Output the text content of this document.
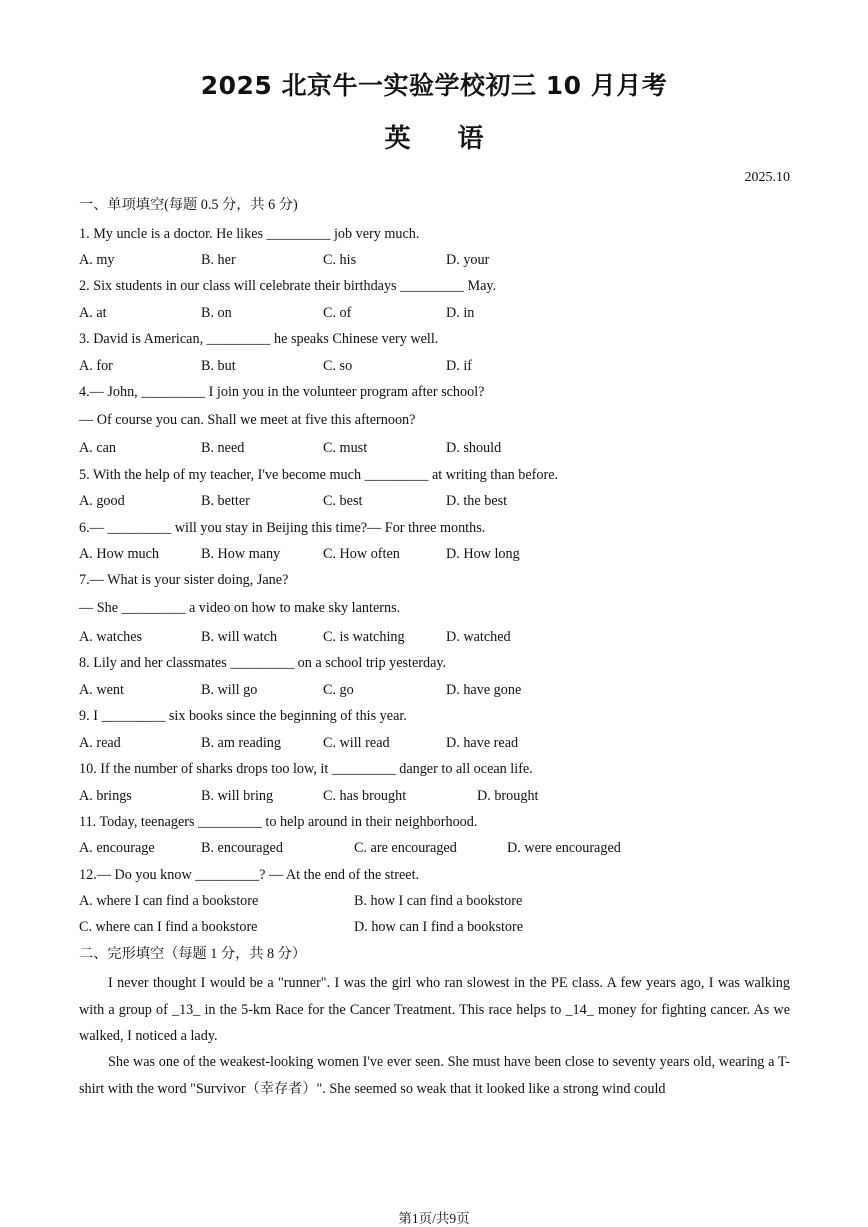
2025 北京牛一实验学校初三 10 月月考
英 语
2025.10
一、单项填空(每题 0.5 分，共 6 分)
1. My uncle is a doctor. He likes _________ job very much.
A. my	B. her	C. his	D. your
2. Six students in our class will celebrate their birthdays _________ May.
A. at	B. on	C. of	D. in
3. David is American, _________ he speaks Chinese very well.
A. for	B. but	C. so	D. if
4.— John, _________ I join you in the volunteer program after school?
— Of course you can. Shall we meet at five this afternoon?
A. can	B. need	C. must	D. should
5. With the help of my teacher, I've become much _________ at writing than before.
A. good	B. better	C. best	D. the best
6.— _________ will you stay in Beijing this time?— For three months.
A. How much	B. How many	C. How often	D. How long
7.— What is your sister doing, Jane?
— She _________ a video on how to make sky lanterns.
A. watches	B. will watch	C. is watching	D. watched
8. Lily and her classmates _________ on a school trip yesterday.
A. went	B. will go	C. go	D. have gone
9. I _________ six books since the beginning of this year.
A. read	B. am reading	C. will read	D. have read
10. If the number of sharks drops too low, it _________ danger to all ocean life.
A. brings	B. will bring	C. has brought	D. brought
11. Today, teenagers _________ to help around in their neighborhood.
A. encourage	B. encouraged	C. are encouraged	D. were encouraged
12.— Do you know _________? — At the end of the street.
A. where I can find a bookstore	B. how I can find a bookstore
C. where can I find a bookstore	D. how can I find a bookstore
二、完形填空（每题 1 分，共 8 分）
I never thought I would be a "runner". I was the girl who ran slowest in the PE class. A few years ago, I was walking with a group of _13_ in the 5-km Race for the Cancer Treatment. This race helps to _14_ money for fighting cancer. As we walked, I noticed a lady.
She was one of the weakest-looking women I've ever seen. She must have been close to seventy years old, wearing a T-shirt with the word "Survivor（幸存者）". She seemed so weak that it looked like a strong wind could
第1页/共9页
